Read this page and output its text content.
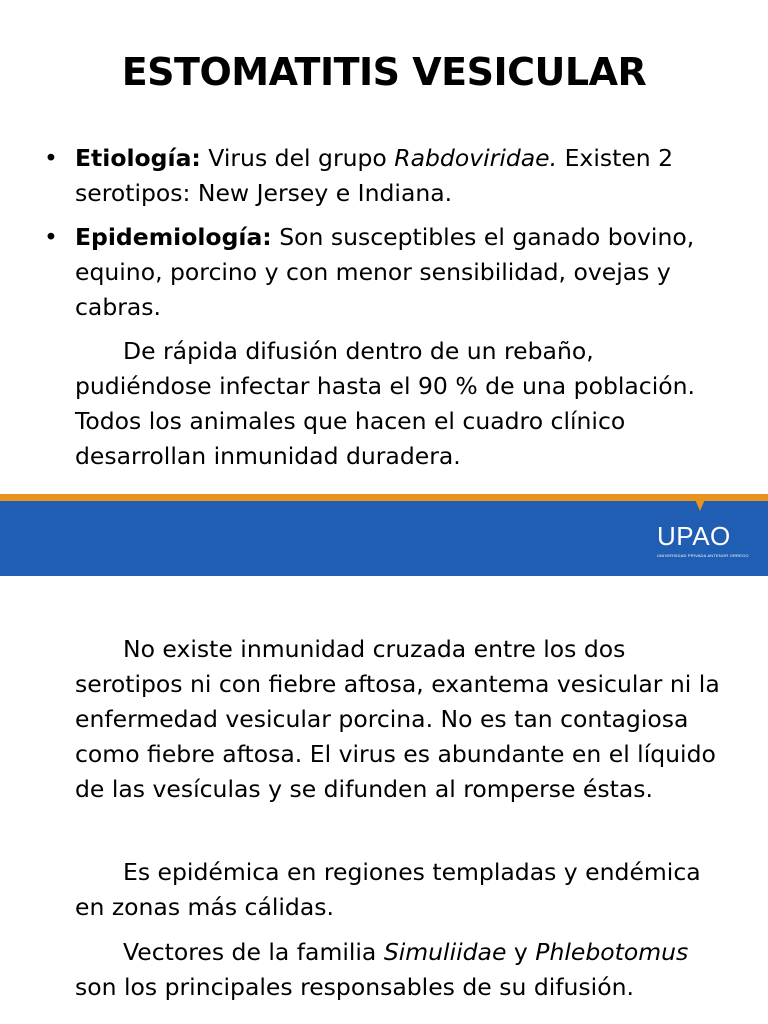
ESTOMATITIS VESICULAR
• Etiología: Virus del grupo Rabdoviridae. Existen 2 serotipos: New Jersey e Indiana.
• Epidemiología: Son susceptibles el ganado bovino, equino, porcino y con menor sensibilidad, ovejas y cabras.

De rápida difusión dentro de un rebaño, pudiéndose infectar hasta el 90 % de una población. Todos los animales que hacen el cuadro clínico desarrollan inmunidad duradera.

UPAO
UNIVERSIDAD PRIVADA ANTENOR ORREGO

No existe inmunidad cruzada entre los dos serotipos ni con fiebre aftosa, exantema vesicular ni la enfermedad vesicular porcina. No es tan contagiosa como fiebre aftosa. El virus es abundante en el líquido de las vesículas y se difunden al romperse éstas.

Es epidémica en regiones templadas y endémica en zonas más cálidas.

Vectores de la familia Simuliidae y Phlebotomus son los principales responsables de su difusión.
